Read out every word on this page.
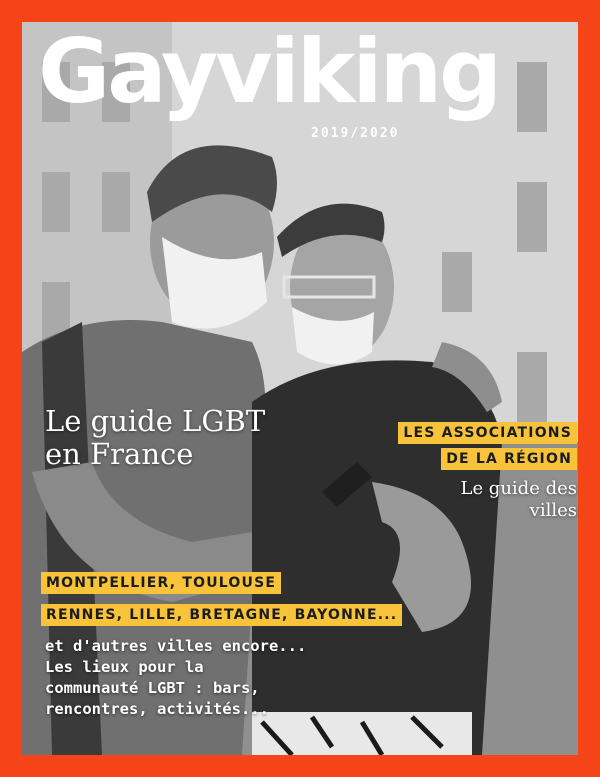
Gayviking
2019/2020
Le guide LGBT
en France
LES ASSOCIATIONS
DE LA RÉGION
Le guide des
villes
MONTPELLIER, TOULOUSE
RENNES, LILLE, BRETAGNE, BAYONNE...
et d'autres villes encore...
Les lieux pour la
communauté LGBT : bars,
rencontres, activités...
